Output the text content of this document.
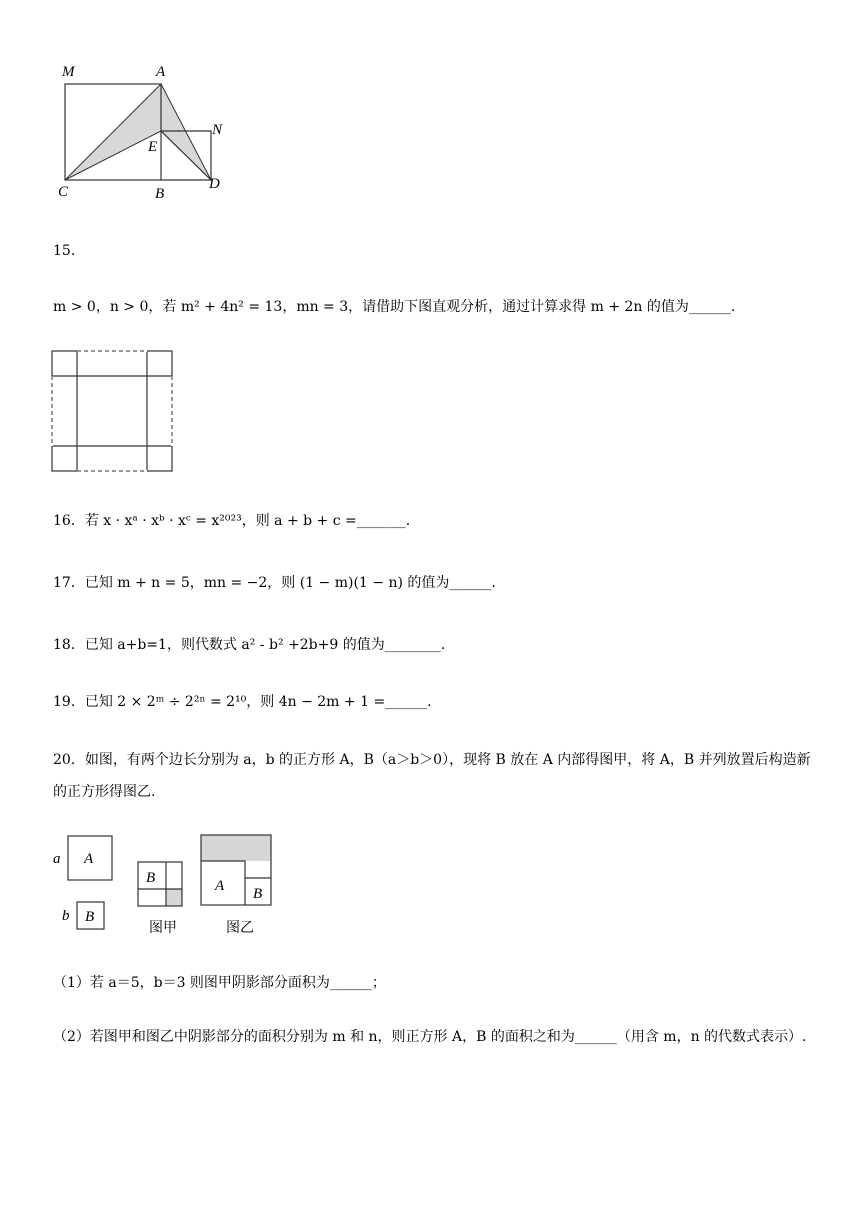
M	A
N
E
C	B
D
15.
m > 0，n > 0，若 m² + 4n² = 13，mn = 3，请借助下图直观分析，通过计算求得 m + 2n 的值为______.
16．若 x · xᵃ · xᵇ · xᶜ = x²⁰²³，则 a + b + c =_______.
17．已知 m + n = 5，mn = −2，则 (1 − m)(1 − n) 的值为______.
18．已知 a+b=1，则代数式 a² - b² +2b+9 的值为________.
19．已知 2 × 2ᵐ ÷ 2²ⁿ = 2¹⁰，则 4n − 2m + 1 =______.
20．如图，有两个边长分别为 a，b 的正方形 A，B（a＞b＞0），现将 B 放在 A 内部得图甲，将 A，B 并列放置后构造新的正方形得图乙.
a A
b B
B
图甲
A B
图乙
（1）若 a＝5，b＝3 则图甲阴影部分面积为______；
（2）若图甲和图乙中阴影部分的面积分别为 m 和 n，则正方形 A，B 的面积之和为______（用含 m，n 的代数式表示）.
